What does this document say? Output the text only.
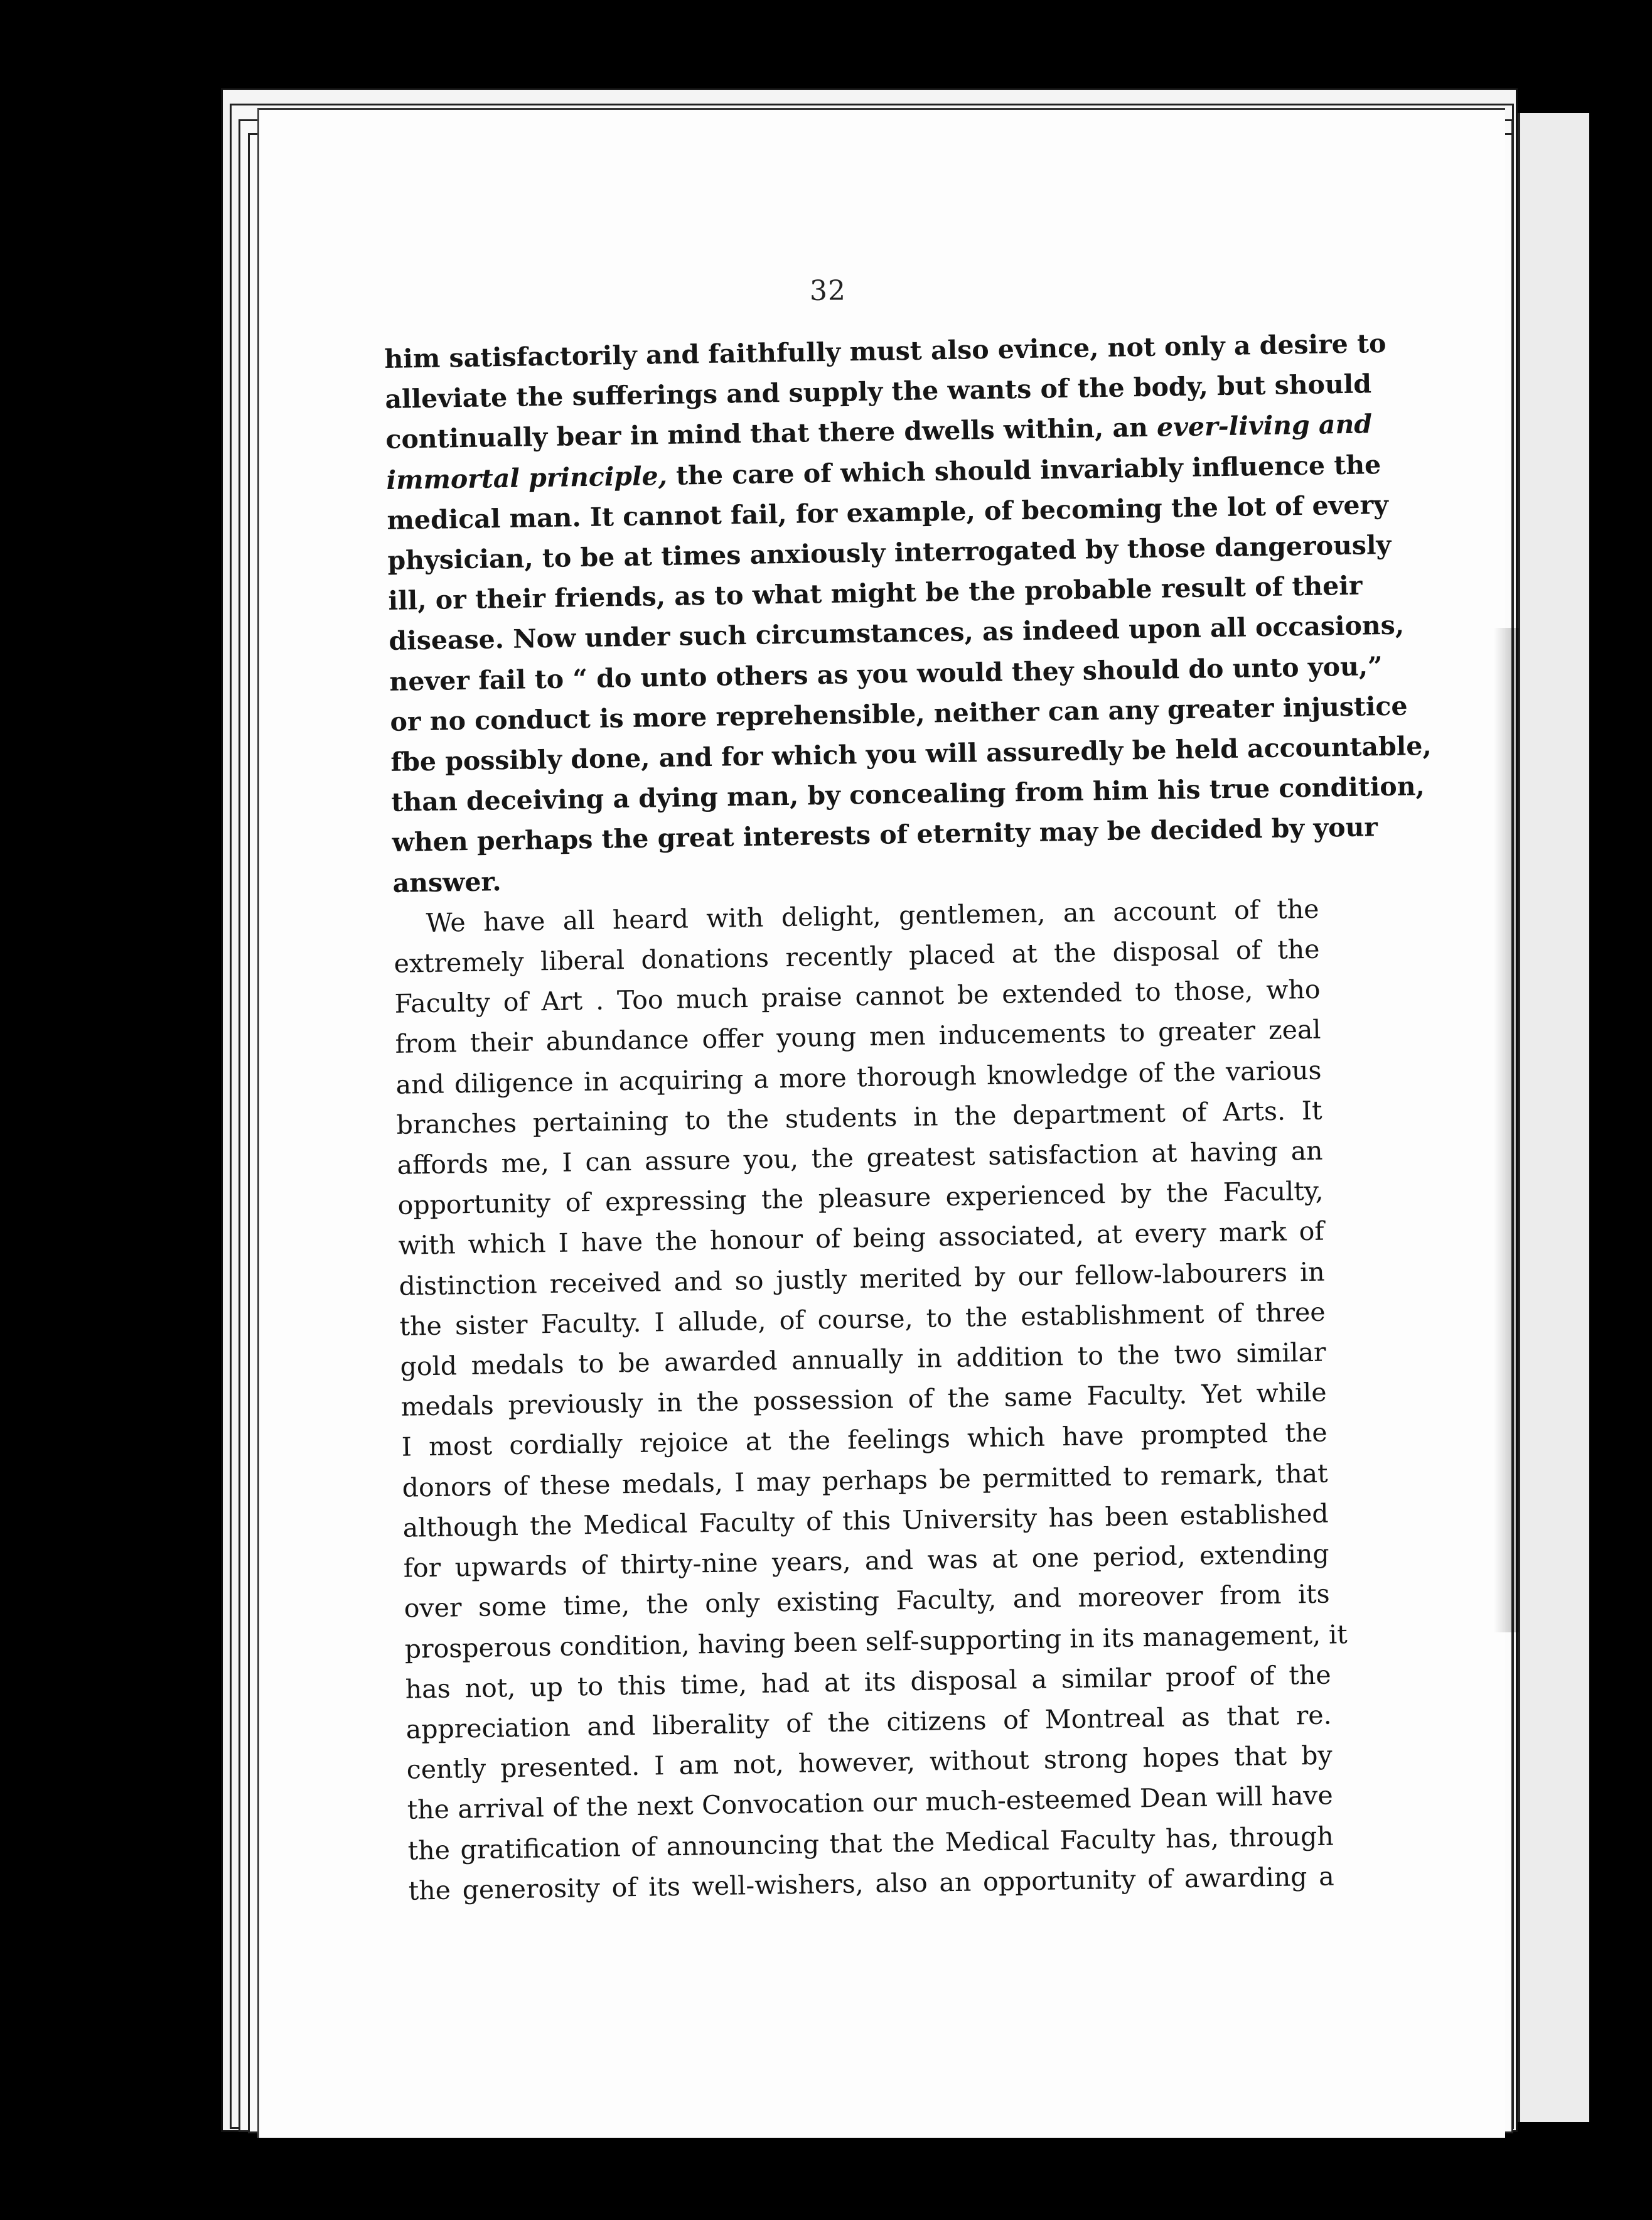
32

him satisfactorily and faithfully must also evince, not only a desire to
alleviate the sufferings and supply the wants of the body, but should
continually bear in mind that there dwells within, an ever-living and
immortal principle, the care of which should invariably influence the
medical man. It cannot fail, for example, of becoming the lot of every
physician, to be at times anxiously interrogated by those dangerously
ill, or their friends, as to what might be the probable result of their
disease. Now under such circumstances, as indeed upon all occasions,
never fail to “ do unto others as you would they should do unto you,”
or no conduct is more reprehensible, neither can any greater injustice
fbe possibly done, and for which you will assuredly be held accountable,
than deceiving a dying man, by concealing from him his true condition,
when perhaps the great interests of eternity may be decided by your
answer.

We have all heard with delight, gentlemen, an account of the
extremely liberal donations recently placed at the disposal of the
Faculty of Art . Too much praise cannot be extended to those, who
from their abundance offer young men inducements to greater zeal
and diligence in acquiring a more thorough knowledge of the various
branches pertaining to the students in the department of Arts. It
affords me, I can assure you, the greatest satisfaction at having an
opportunity of expressing the pleasure experienced by the Faculty,
with which I have the honour of being associated, at every mark of
distinction received and so justly merited by our fellow-labourers in
the sister Faculty. I allude, of course, to the establishment of three
gold medals to be awarded annually in addition to the two similar
medals previously in the possession of the same Faculty. Yet while
I most cordially rejoice at the feelings which have prompted the
donors of these medals, I may perhaps be permitted to remark, that
although the Medical Faculty of this University has been established
for upwards of thirty-nine years, and was at one period, extending
over some time, the only existing Faculty, and moreover from its
prosperous condition, having been self-supporting in its management, it
has not, up to this time, had at its disposal a similar proof of the
appreciation and liberality of the citizens of Montreal as that re.
cently presented. I am not, however, without strong hopes that by
the arrival of the next Convocation our much-esteemed Dean will have
the gratification of announcing that the Medical Faculty has, through
the generosity of its well-wishers, also an opportunity of awarding a
